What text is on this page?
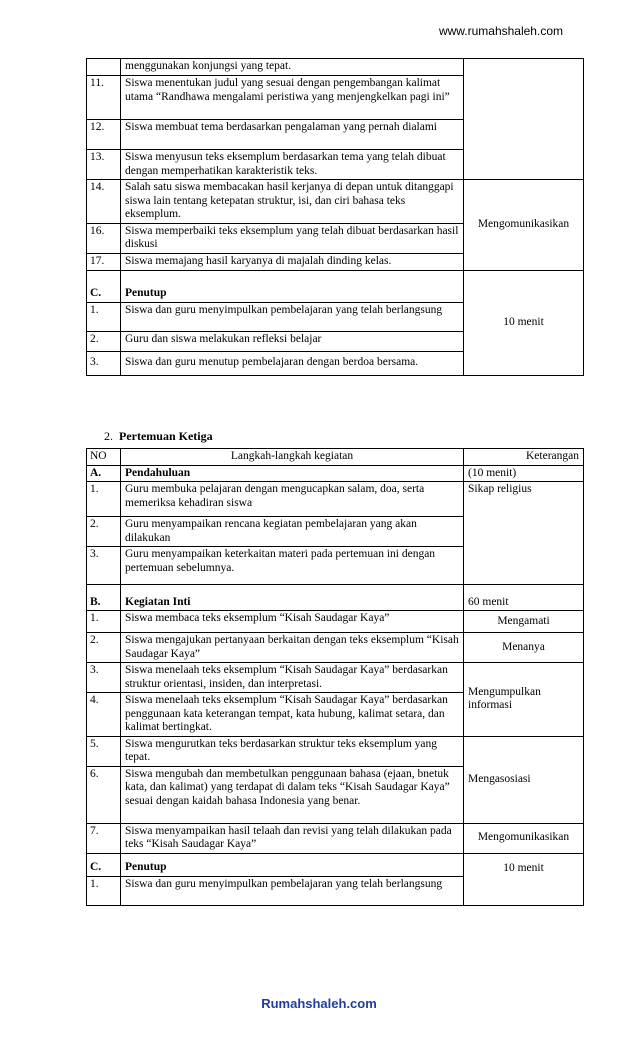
www.rumahshaleh.com
	menggunakan konjungsi yang tepat.	
11.	Siswa menentukan judul yang sesuai dengan pengembangan kalimat utama “Randhawa mengalami peristiwa yang menjengkelkan pagi ini”	
12.	Siswa membuat tema berdasarkan pengalaman yang pernah dialami	
13.	Siswa menyusun teks eksemplum berdasarkan tema yang telah dibuat dengan memperhatikan karakteristik teks.	
14.	Salah satu siswa membacakan hasil kerjanya di depan untuk ditanggapi siswa lain tentang ketepatan struktur, isi, dan ciri bahasa teks eksemplum.	Mengomunikasikan
16.	Siswa memperbaiki teks eksemplum yang telah dibuat berdasarkan hasil diskusi	
17.	Siswa memajang hasil karyanya di majalah dinding kelas.	
C.	Penutup	10 menit
1.	Siswa dan guru menyimpulkan pembelajaran yang telah berlangsung	
2.	Guru dan siswa melakukan refleksi belajar	
3.	Siswa dan guru menutup pembelajaran dengan berdoa bersama.	
2. Pertemuan Ketiga
NO	Langkah-langkah kegiatan	Keterangan
A.	Pendahuluan	(10 menit)
1.	Guru membuka pelajaran dengan mengucapkan salam, doa, serta memeriksa kehadiran siswa	Sikap religius
2.	Guru menyampaikan rencana kegiatan pembelajaran yang akan dilakukan	
3.	Guru menyampaikan keterkaitan materi pada pertemuan ini dengan pertemuan sebelumnya.	
B.	Kegiatan Inti	60 menit
1.	Siswa membaca teks eksemplum “Kisah Saudagar Kaya”	Mengamati
2.	Siswa mengajukan pertanyaan berkaitan dengan teks eksemplum “Kisah Saudagar Kaya”	Menanya
3.	Siswa menelaah teks eksemplum “Kisah Saudagar Kaya” berdasarkan struktur orientasi, insiden, dan interpretasi.	Mengumpulkan informasi
4.	Siswa menelaah teks eksemplum “Kisah Saudagar Kaya” berdasarkan penggunaan kata keterangan tempat, kata hubung, kalimat setara, dan kalimat bertingkat.	
5.	Siswa mengurutkan teks berdasarkan struktur teks eksemplum yang tepat.	Mengasosiasi
6.	Siswa mengubah dan membetulkan penggunaan bahasa (ejaan, bnetuk kata, dan kalimat) yang terdapat di dalam teks “Kisah Saudagar Kaya” sesuai dengan kaidah bahasa Indonesia yang benar.	
7.	Siswa menyampaikan hasil telaah dan revisi yang telah dilakukan pada teks “Kisah Saudagar Kaya”	Mengomunikasikan
C.	Penutup	10 menit
1.	Siswa dan guru menyimpulkan pembelajaran yang telah berlangsung	
Rumahshaleh.com
